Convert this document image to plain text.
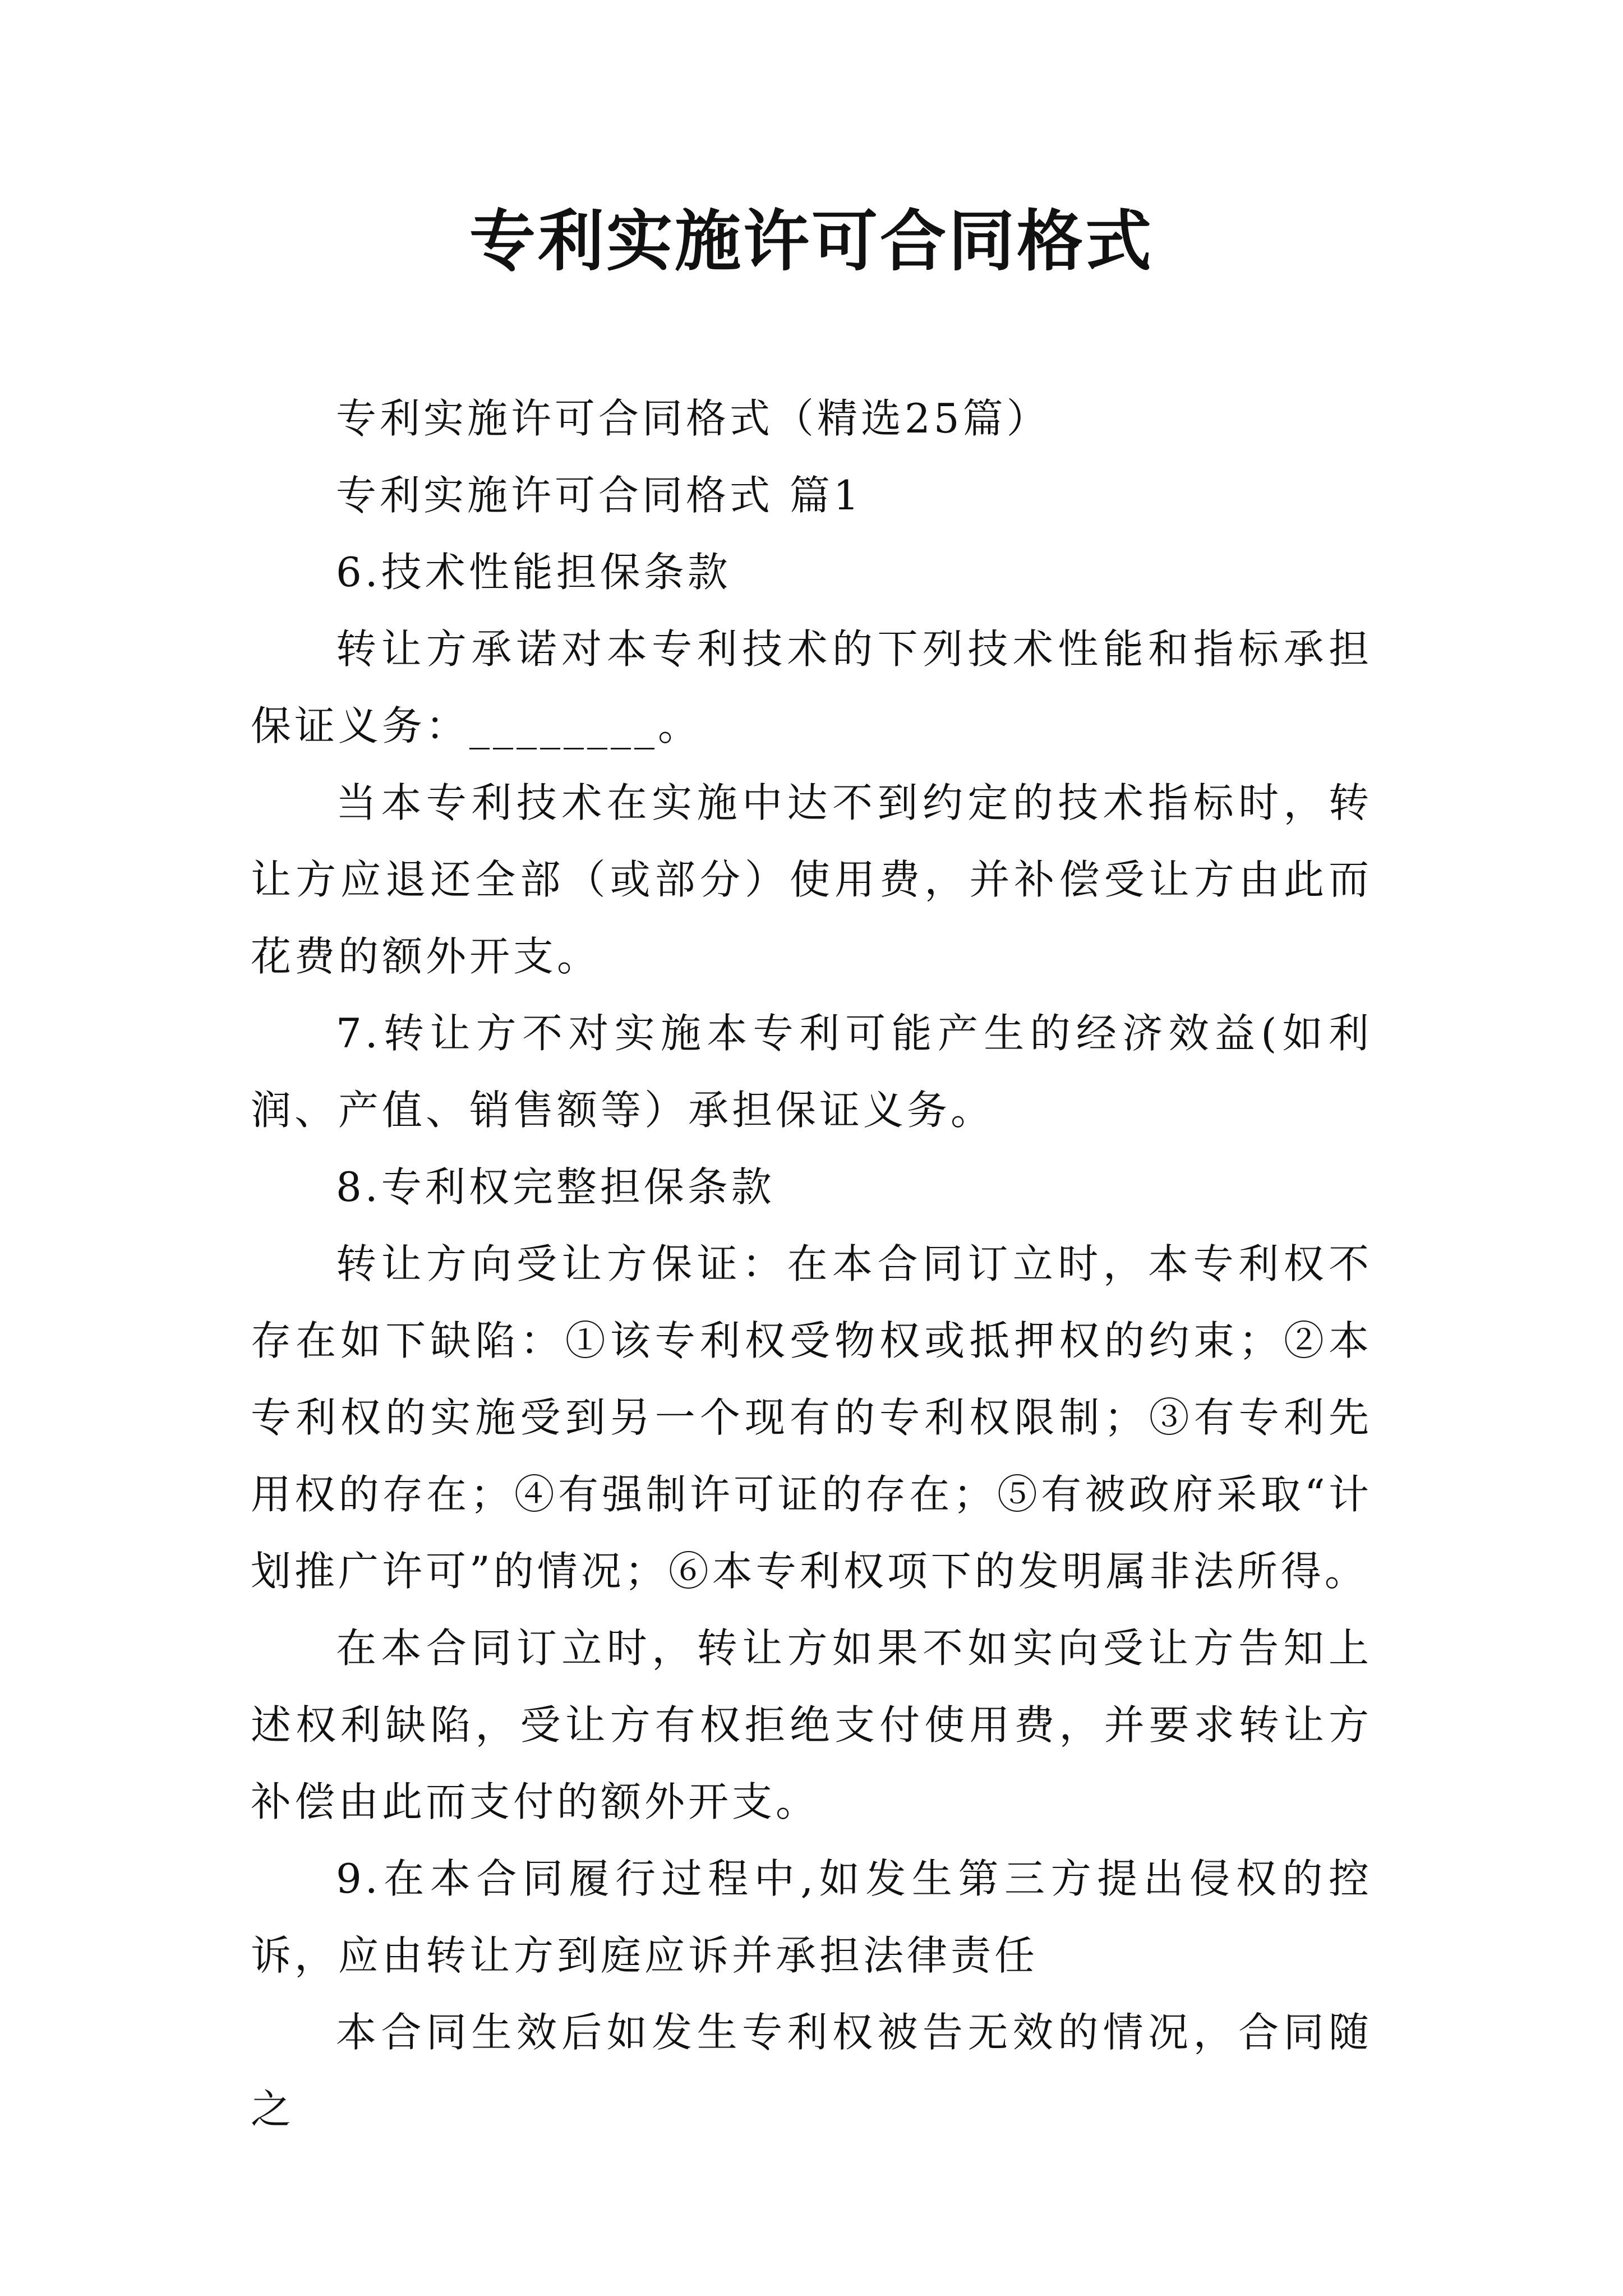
专利实施许可合同格式

专利实施许可合同格式（精选25篇）

专利实施许可合同格式 篇1

6.技术性能担保条款

转让方承诺对本专利技术的下列技术性能和指标承担保证义务：________。

当本专利技术在实施中达不到约定的技术指标时，转让方应退还全部（或部分）使用费，并补偿受让方由此而花费的额外开支。

7.转让方不对实施本专利可能产生的经济效益(如利润、产值、销售额等）承担保证义务。

8.专利权完整担保条款

转让方向受让方保证：在本合同订立时，本专利权不存在如下缺陷：①该专利权受物权或抵押权的约束；②本专利权的实施受到另一个现有的专利权限制；③有专利先用权的存在；④有强制许可证的存在；⑤有被政府采取“计划推广许可”的情况；⑥本专利权项下的发明属非法所得。

在本合同订立时，转让方如果不如实向受让方告知上述权利缺陷，受让方有权拒绝支付使用费，并要求转让方补偿由此而支付的额外开支。

9.在本合同履行过程中,如发生第三方提出侵权的控诉，应由转让方到庭应诉并承担法律责任

本合同生效后如发生专利权被告无效的情况，合同随之
